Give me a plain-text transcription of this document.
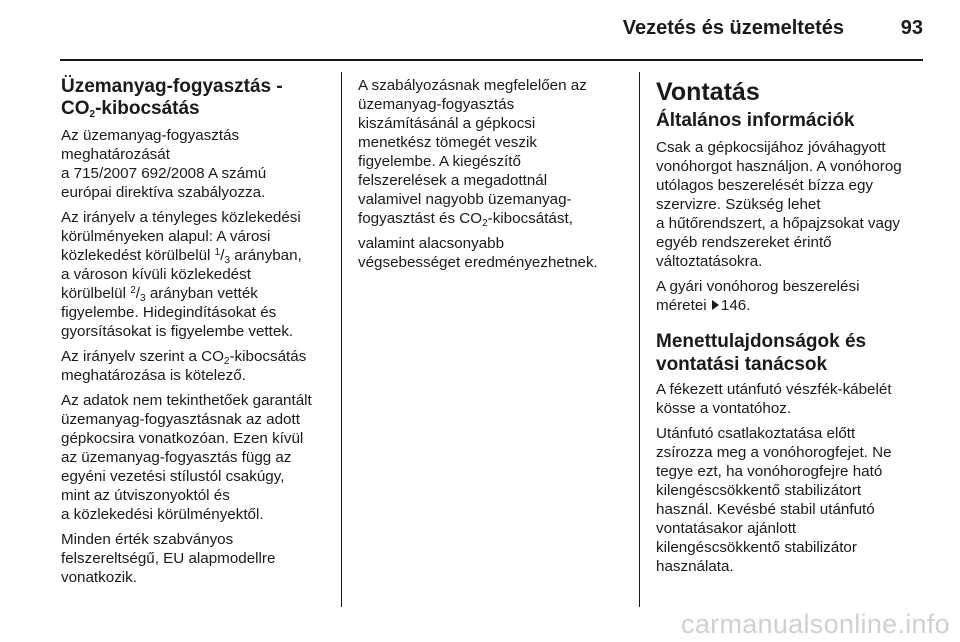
Vezetés és üzemeltetés	93
Üzemanyag-fogyasztás -
$CO_2$-kibocsátás

Az üzemanyag-fogyasztás
meghatározását
a 715/2007 692/2008 A számú
európai direktíva szabályozza.

Az irányelv a tényleges közlekedési
körülményeken alapul: A városi
közlekedést körülbelül $^1/_3$ arányban,
a városon kívüli közlekedést
körülbelül $^2/_3$ arányban vették
figyelembe. Hidegindításokat és
gyorsításokat is figyelembe vettek.

Az irányelv szerint a $CO_2$-kibocsátás
meghatározása is kötelező.

Az adatok nem tekinthetőek garantált
üzemanyag-fogyasztásnak az adott
gépkocsira vonatkozóan. Ezen kívül
az üzemanyag-fogyasztás függ az
egyéni vezetési stílustól csakúgy,
mint az útviszonyoktól és
a közlekedési körülményektől.

Minden érték szabványos
felszereltségű, EU alapmodellre
vonatkozik.

A szabályozásnak megfelelően az
üzemanyag-fogyasztás
kiszámításánál a gépkocsi
menetkész tömegét veszik
figyelembe. A kiegészítő
felszerelések a megadottnál
valamivel nagyobb üzemanyag-
fogyasztást és $CO_2$-kibocsátást,

valamint alacsonyabb
végsebességet eredményezhetnek.

Vontatás
Általános információk

Csak a gépkocsijához jóváhagyott
vonóhorgot használjon. A vonóhorog
utólagos beszerelését bízza egy
szervizre. Szükség lehet
a hűtőrendszert, a hőpajzsokat vagy
egyéb rendszereket érintő
változtatásokra.

A gyári vonóhorog beszerelési
méretei 146.

Menettulajdonságok és
vontatási tanácsok

A fékezett utánfutó vészfék-kábelét
kösse a vontatóhoz.

Utánfutó csatlakoztatása előtt
zsírozza meg a vonóhorogfejet. Ne
tegye ezt, ha vonóhorogfejre ható
kilengéscsökkentő stabilizátort
használ. Kevésbé stabil utánfutó
vontatásakor ajánlott
kilengéscsökkentő stabilizátor
használata.

carmanualsonline.info
